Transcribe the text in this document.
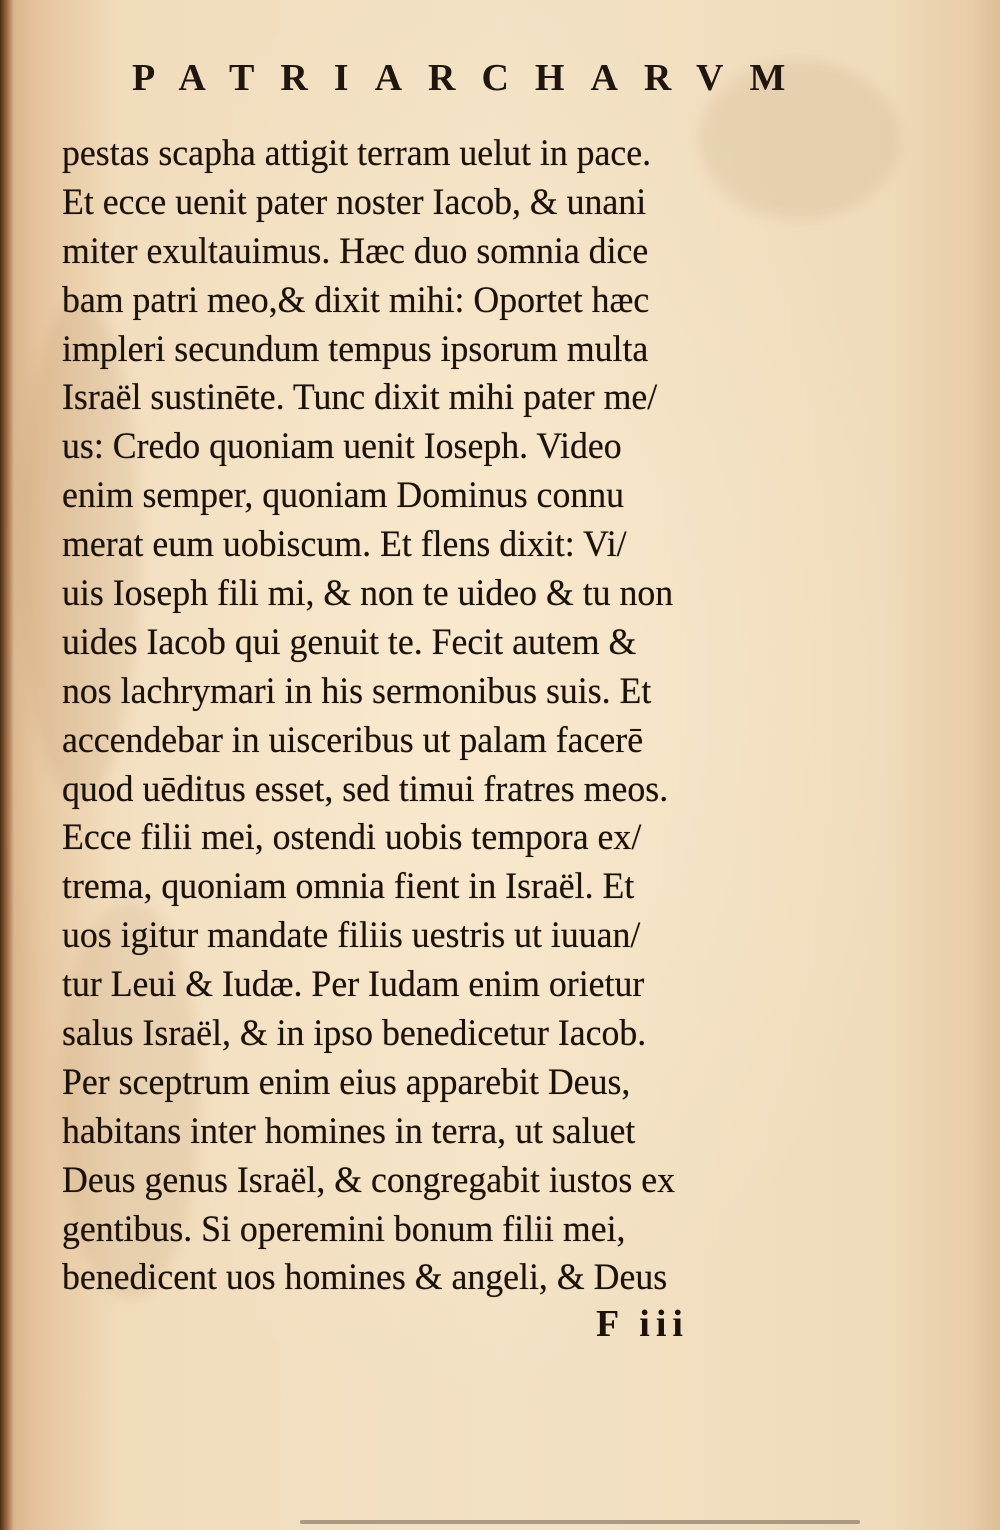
PATRIARCHARVM
pestas scapha attigit terram uelut in pace.
Et ecce uenit pater noster Iacob, & unani
miter exultauimus. Hæc duo somnia dice
bam patri meo,& dixit mihi: Oportet hæc
impleri secundum tempus ipsorum multa
Israël sustinēte. Tunc dixit mihi pater me/
us: Credo quoniam uenit Ioseph. Video
enim semper, quoniam Dominus connu
merat eum uobiscum. Et flens dixit: Vi/
uis Ioseph fili mi, & non te uideo & tu non
uides Iacob qui genuit te. Fecit autem &
nos lachrymari in his sermonibus suis. Et
accendebar in uisceribus ut palam facerē
quod uēditus esset, sed timui fratres meos.
Ecce filii mei, ostendi uobis tempora ex/
trema, quoniam omnia fient in Israël. Et
uos igitur mandate filiis uestris ut iuuan/
tur Leui & Iudæ. Per Iudam enim orietur
salus Israël, & in ipso benedicetur Iacob.
Per sceptrum enim eius apparebit Deus,
habitans inter homines in terra, ut saluet
Deus genus Israël, & congregabit iustos ex
gentibus. Si operemini bonum filii mei,
benedicent uos homines & angeli, & Deus
F iii
